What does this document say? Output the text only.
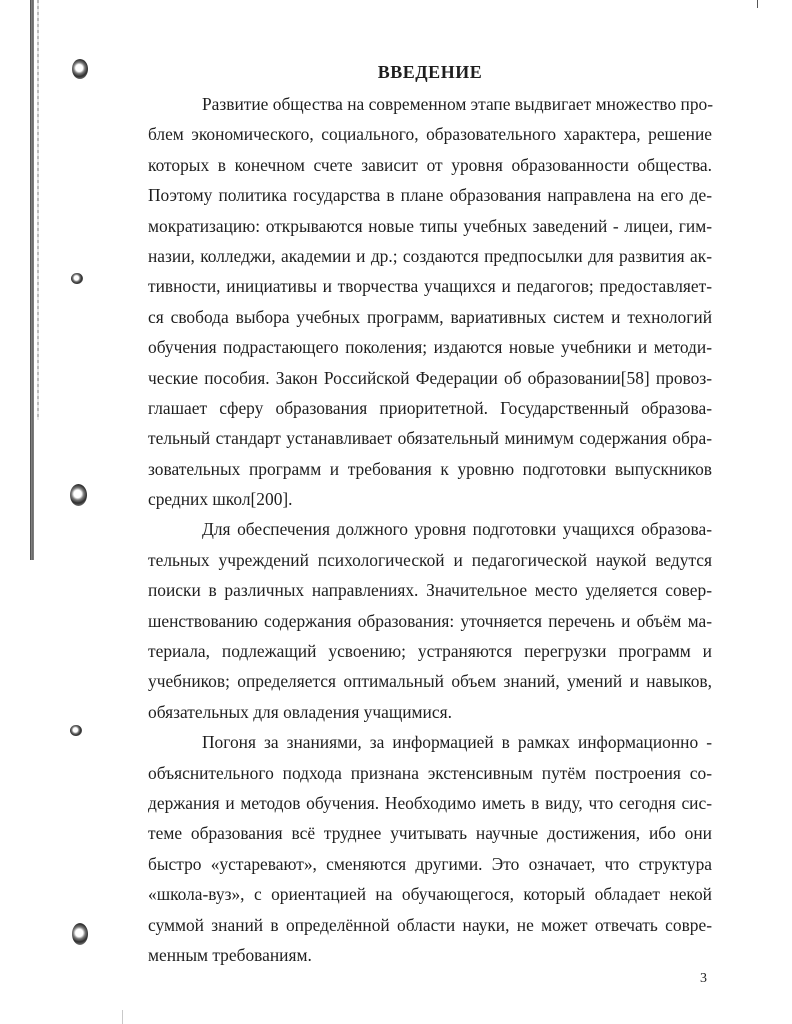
ВВЕДЕНИЕ
Развитие общества на современном этапе выдвигает множество про-
блем экономического, социального, образовательного характера, решение
которых в конечном счете зависит от уровня образованности общества.
Поэтому политика государства в плане образования направлена на его де-
мократизацию: открываются новые типы учебных заведений - лицеи, гим-
назии, колледжи, академии и др.; создаются предпосылки для развития ак-
тивности, инициативы и творчества учащихся и педагогов; предоставляет-
ся свобода выбора учебных программ, вариативных систем и технологий
обучения подрастающего поколения; издаются новые учебники и методи-
ческие пособия. Закон Российской Федерации об образовании[58] провоз-
глашает сферу образования приоритетной. Государственный образова-
тельный стандарт устанавливает обязательный минимум содержания обра-
зовательных программ и требования к уровню подготовки выпускников
средних школ[200].
Для обеспечения должного уровня подготовки учащихся образова-
тельных учреждений психологической и педагогической наукой ведутся
поиски в различных направлениях. Значительное место уделяется совер-
шенствованию содержания образования: уточняется перечень и объём ма-
териала, подлежащий усвоению; устраняются перегрузки программ и
учебников; определяется оптимальный объем знаний, умений и навыков,
обязательных для овладения учащимися.
Погоня за знаниями, за информацией в рамках информационно -
объяснительного подхода признана экстенсивным путём построения со-
держания и методов обучения. Необходимо иметь в виду, что сегодня сис-
теме образования всё труднее учитывать научные достижения, ибо они
быстро «устаревают», сменяются другими. Это означает, что структура
«школа-вуз», с ориентацией на обучающегося, который обладает некой
суммой знаний в определённой области науки, не может отвечать совре-
менным требованиям.
3
